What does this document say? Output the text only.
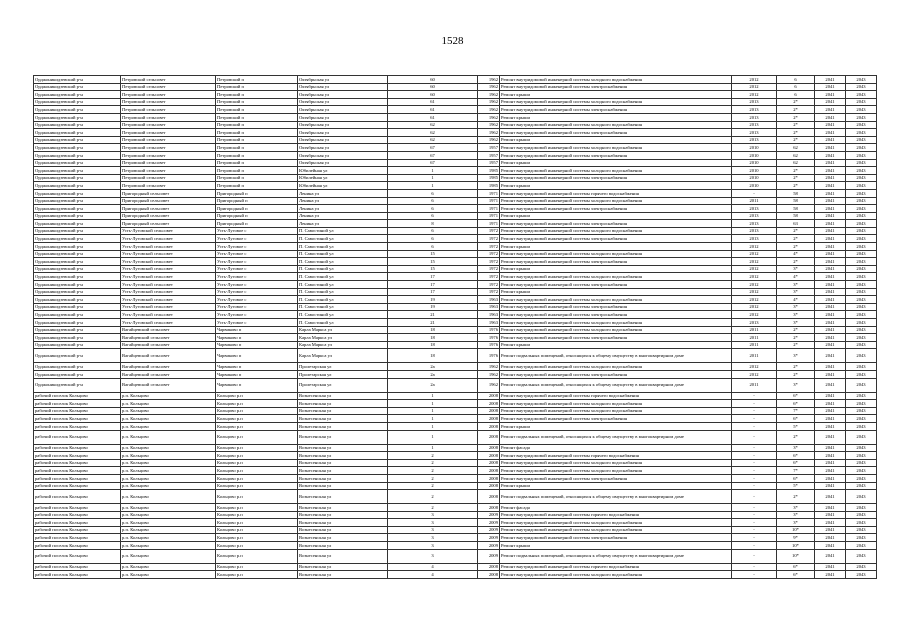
1528
Орджоникидзевский р-н	Петровский сельсовет	Петровский п	Октябрьская ул	60	1962	Ремонт внутридомовой инженерной системы холодного водоснабжения	2012	6	2041	2043
Орджоникидзевский р-н	Петровский сельсовет	Петровский п	Октябрьская ул	60	1962	Ремонт внутридомовой инженерной системы электроснабжения	2012	6	2041	2043
Орджоникидзевский р-н	Петровский сельсовет	Петровский п	Октябрьская ул	60	1962	Ремонт крыши	2012	6	2041	2043
Орджоникидзевский р-н	Петровский сельсовет	Петровский п	Октябрьская ул	61	1962	Ремонт внутридомовой инженерной системы холодного водоснабжения	2013	2*	2041	2043
Орджоникидзевский р-н	Петровский сельсовет	Петровский п	Октябрьская ул	61	1962	Ремонт внутридомовой инженерной системы электроснабжения	2013	2*	2041	2043
Орджоникидзевский р-н	Петровский сельсовет	Петровский п	Октябрьская ул	61	1962	Ремонт крыши	2013	2*	2041	2043
Орджоникидзевский р-н	Петровский сельсовет	Петровский п	Октябрьская ул	62	1962	Ремонт внутридомовой инженерной системы холодного водоснабжения	2013	2*	2041	2043
Орджоникидзевский р-н	Петровский сельсовет	Петровский п	Октябрьская ул	62	1962	Ремонт внутридомовой инженерной системы электроснабжения	2013	2*	2041	2043
Орджоникидзевский р-н	Петровский сельсовет	Петровский п	Октябрьская ул	62	1962	Ремонт крыши	2013	2*	2041	2043
Орджоникидзевский р-н	Петровский сельсовет	Петровский п	Октябрьская ул	67	1957	Ремонт внутридомовой инженерной системы холодного водоснабжения	2010	62	2041	2043
Орджоникидзевский р-н	Петровский сельсовет	Петровский п	Октябрьская ул	67	1957	Ремонт внутридомовой инженерной системы электроснабжения	2010	62	2041	2043
Орджоникидзевский р-н	Петровский сельсовет	Петровский п	Октябрьская ул	67	1957	Ремонт крыши	2010	62	2041	2043
Орджоникидзевский р-н	Петровский сельсовет	Петровский п	Юбилейная ул	1	1985	Ремонт внутридомовой инженерной системы холодного водоснабжения	2010	2*	2041	2043
Орджоникидзевский р-н	Петровский сельсовет	Петровский п	Юбилейная ул	1	1985	Ремонт внутридомовой инженерной системы электроснабжения	2010	2*	2041	2043
Орджоникидзевский р-н	Петровский сельсовет	Петровский п	Юбилейная ул	1	1985	Ремонт крыши	2010	2*	2041	2043
Орджоникидзевский р-н	Пригородный сельсовет	Пригородный п	Ленина ул	6	1971	Ремонт внутридомовой инженерной системы горячего водоснабжения	-	58	2041	2043
Орджоникидзевский р-н	Пригородный сельсовет	Пригородный п	Ленина ул	6	1971	Ремонт внутридомовой инженерной системы холодного водоснабжения	2011	58	2041	2043
Орджоникидзевский р-н	Пригородный сельсовет	Пригородный п	Ленина ул	6	1971	Ремонт внутридомовой инженерной системы электроснабжения	2013	58	2041	2043
Орджоникидзевский р-н	Пригородный сельсовет	Пригородный п	Ленина ул	6	1971	Ремонт крыши	2013	58	2041	2043
Орджоникидзевский р-н	Пригородный сельсовет	Пригородный п	Ленина ул	8	1971	Ремонт внутридомовой инженерной системы электроснабжения	2013	63	2041	2043
Орджоникидзевский р-н	Усть-Луговской сельсовет	Усть-Луговое с	П. Савостиной ул	6	1972	Ремонт внутридомовой инженерной системы холодного водоснабжения	2013	2*	2041	2043
Орджоникидзевский р-н	Усть-Луговской сельсовет	Усть-Луговое с	П. Савостиной ул	6	1972	Ремонт внутридомовой инженерной системы электроснабжения	2013	2*	2041	2043
Орджоникидзевский р-н	Усть-Луговской сельсовет	Усть-Луговое с	П. Савостиной ул	6	1972	Ремонт крыши	2012	2*	2041	2043
Орджоникидзевский р-н	Усть-Луговской сельсовет	Усть-Луговое с	П. Савостиной ул	15	1972	Ремонт внутридомовой инженерной системы холодного водоснабжения	2012	4*	2041	2043
Орджоникидзевский р-н	Усть-Луговской сельсовет	Усть-Луговое с	П. Савостиной ул	15	1972	Ремонт внутридомовой инженерной системы электроснабжения	2012	2*	2041	2043
Орджоникидзевский р-н	Усть-Луговской сельсовет	Усть-Луговое с	П. Савостиной ул	15	1972	Ремонт крыши	2012	3*	2041	2043
Орджоникидзевский р-н	Усть-Луговской сельсовет	Усть-Луговое с	П. Савостиной ул	17	1972	Ремонт внутридомовой инженерной системы холодного водоснабжения	2012	4*	2041	2043
Орджоникидзевский р-н	Усть-Луговской сельсовет	Усть-Луговое с	П. Савостиной ул	17	1972	Ремонт внутридомовой инженерной системы электроснабжения	2012	3*	2041	2043
Орджоникидзевский р-н	Усть-Луговской сельсовет	Усть-Луговое с	П. Савостиной ул	17	1972	Ремонт крыши	2012	3*	2041	2043
Орджоникидзевский р-н	Усть-Луговской сельсовет	Усть-Луговое с	П. Савостиной ул	19	1963	Ремонт внутридомовой инженерной системы холодного водоснабжения	2012	4*	2041	2043
Орджоникидзевский р-н	Усть-Луговской сельсовет	Усть-Луговое с	П. Савостиной ул	19	1963	Ремонт внутридомовой инженерной системы электроснабжения	2012	3*	2041	2043
Орджоникидзевский р-н	Усть-Луговской сельсовет	Усть-Луговое с	П. Савостиной ул	21	1963	Ремонт внутридомовой инженерной системы электроснабжения	2012	3*	2041	2043
Орджоникидзевский р-н	Усть-Луговской сельсовет	Усть-Луговое с	П. Савостиной ул	21	1963	Ремонт внутридомовой инженерной системы холодного водоснабжения	2013	3*	2041	2043
Орджоникидзевский р-н	Вагайцевский сельсовет	Чарвиково п	Карла Маркса ул	18	1976	Ремонт внутридомовой инженерной системы холодного водоснабжения	2011	2*	2041	2043
Орджоникидзевский р-н	Вагайцевский сельсовет	Чарвиково п	Карла Маркса ул	18	1976	Ремонт внутридомовой инженерной системы электроснабжения	2011	2*	2041	2043
Орджоникидзевский р-н	Вагайцевский сельсовет	Чарвиково п	Карла Маркса ул	18	1976	Ремонт крыши	2011	2*	2041	2043
Орджоникидзевский р-н	Вагайцевский сельсовет	Чарвиково п	Карла Маркса ул	18	1976	Ремонт подвальных помещений, относящихся к общему имуществу в многоквартирном доме	2011	3*	2041	2043
Орджоникидзевский р-н	Вагайцевский сельсовет	Чарвиково п	Пролетарская ул	2a	1962	Ремонт внутридомовой инженерной системы холодного водоснабжения	2012	2*	2041	2043
Орджоникидзевский р-н	Вагайцевский сельсовет	Чарвиково п	Пролетарская ул	2a	1962	Ремонт внутридомовой инженерной системы электроснабжения	2012	2*	2041	2043
Орджоникидзевский р-н	Вагайцевский сельсовет	Чарвиково п	Пролетарская ул	2a	1962	Ремонт подвальных помещений, относящихся к общему имуществу в многоквартирном доме	2011	3*	2041	2043
рабочий поселок Кольцово	р.п. Кольцово	Кольцово р.п	Вознесенская ул	1	2008	Ремонт внутридомовой инженерной системы горячего водоснабжения	-	6*	2041	2043
рабочий поселок Кольцово	р.п. Кольцово	Кольцово р.п	Вознесенская ул	1	2008	Ремонт внутридомовой инженерной системы холодного водоснабжения	-	6*	2041	2043
рабочий поселок Кольцово	р.п. Кольцово	Кольцово р.п	Вознесенская ул	1	2008	Ремонт внутридомовой инженерной системы холодного водоснабжения	-	7*	2041	2043
рабочий поселок Кольцово	р.п. Кольцово	Кольцово р.п	Вознесенская ул	1	2008	Ремонт внутридомовой инженерной системы электроснабжения	-	6*	2041	2043
рабочий поселок Кольцово	р.п. Кольцово	Кольцово р.п	Вознесенская ул	1	2008	Ремонт крыши	-	5*	2041	2043
рабочий поселок Кольцово	р.п. Кольцово	Кольцово р.п	Вознесенская ул	1	2008	Ремонт подвальных помещений, относящихся к общему имуществу в многоквартирном доме	-	2*	2041	2043
рабочий поселок Кольцово	р.п. Кольцово	Кольцово р.п	Вознесенская ул	1	2008	Ремонт фасада	-	3*	2041	2043
рабочий поселок Кольцово	р.п. Кольцово	Кольцово р.п	Вознесенская ул	2	2008	Ремонт внутридомовой инженерной системы горячего водоснабжения	-	6*	2041	2043
рабочий поселок Кольцово	р.п. Кольцово	Кольцово р.п	Вознесенская ул	2	2008	Ремонт внутридомовой инженерной системы холодного водоснабжения	-	6*	2041	2043
рабочий поселок Кольцово	р.п. Кольцово	Кольцово р.п	Вознесенская ул	2	2008	Ремонт внутридомовой инженерной системы холодного водоснабжения	-	7*	2041	2043
рабочий поселок Кольцово	р.п. Кольцово	Кольцово р.п	Вознесенская ул	2	2008	Ремонт внутридомовой инженерной системы электроснабжения	-	6*	2041	2043
рабочий поселок Кольцово	р.п. Кольцово	Кольцово р.п	Вознесенская ул	2	2008	Ремонт крыши	-	5*	2041	2043
рабочий поселок Кольцово	р.п. Кольцово	Кольцово р.п	Вознесенская ул	2	2008	Ремонт подвальных помещений, относящихся к общему имуществу в многоквартирном доме	-	2*	2041	2043
рабочий поселок Кольцово	р.п. Кольцово	Кольцово р.п	Вознесенская ул	2	2008	Ремонт фасада	-	3*	2041	2043
рабочий поселок Кольцово	р.п. Кольцово	Кольцово р.п	Вознесенская ул	3	2009	Ремонт внутридомовой инженерной системы горячего водоснабжения	-	3*	2041	2043
рабочий поселок Кольцово	р.п. Кольцово	Кольцово р.п	Вознесенская ул	3	2009	Ремонт внутридомовой инженерной системы холодного водоснабжения	-	3*	2041	2043
рабочий поселок Кольцово	р.п. Кольцово	Кольцово р.п	Вознесенская ул	3	2009	Ремонт внутридомовой инженерной системы холодного водоснабжения	-	10*	2041	2043
рабочий поселок Кольцово	р.п. Кольцово	Кольцово р.п	Вознесенская ул	3	2009	Ремонт внутридомовой инженерной системы электроснабжения	-	9*	2041	2043
рабочий поселок Кольцово	р.п. Кольцово	Кольцово р.п	Вознесенская ул	3	2009	Ремонт крыши	-	10*	2041	2043
рабочий поселок Кольцово	р.п. Кольцово	Кольцово р.п	Вознесенская ул	3	2009	Ремонт подвальных помещений, относящихся к общему имуществу в многоквартирном доме	-	10*	2041	2043
рабочий поселок Кольцово	р.п. Кольцово	Кольцово р.п	Вознесенская ул	4	2008	Ремонт внутридомовой инженерной системы горячего водоснабжения	-	6*	2041	2043
рабочий поселок Кольцово	р.п. Кольцово	Кольцово р.п	Вознесенская ул	4	2008	Ремонт внутридомовой инженерной системы холодного водоснабжения	-	6*	2041	2043
